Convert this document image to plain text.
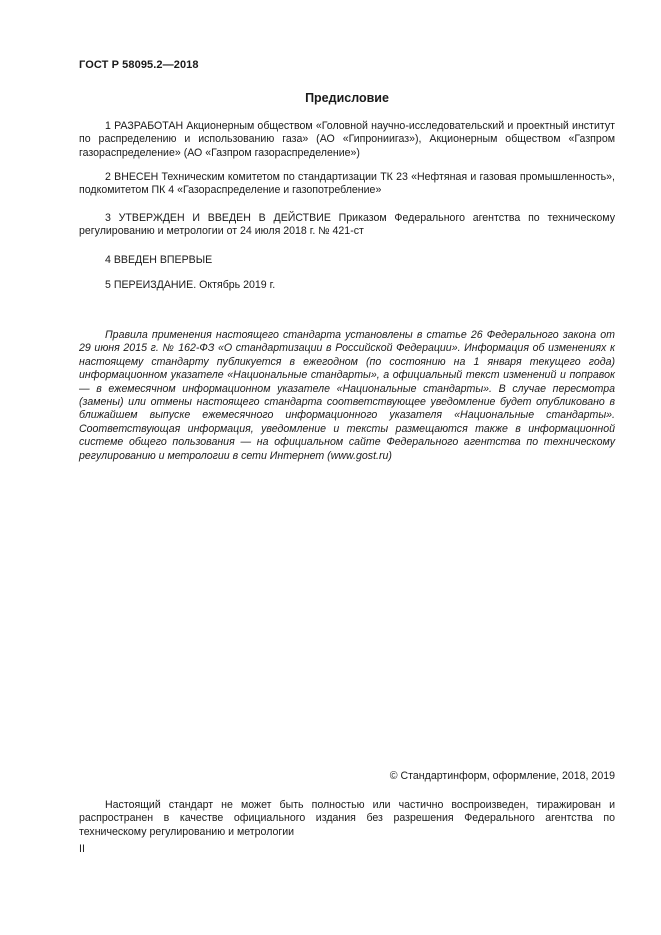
ГОСТ Р 58095.2—2018
Предисловие
1 РАЗРАБОТАН Акционерным обществом «Головной научно-исследовательский и проектный институт по распределению и использованию газа» (АО «Гипрониигаз»), Акционерным обществом «Газпром газораспределение» (АО «Газпром газораспределение»)
2 ВНЕСЕН Техническим комитетом по стандартизации ТК 23 «Нефтяная и газовая промышленность», подкомитетом ПК 4 «Газораспределение и газопотребление»
3 УТВЕРЖДЕН И ВВЕДЕН В ДЕЙСТВИЕ Приказом Федерального агентства по техническому регулированию и метрологии от 24 июля 2018 г. № 421-ст
4 ВВЕДЕН ВПЕРВЫЕ
5 ПЕРЕИЗДАНИЕ. Октябрь 2019 г.
Правила применения настоящего стандарта установлены в статье 26 Федерального закона от 29 июня 2015 г. № 162-ФЗ «О стандартизации в Российской Федерации». Информация об изменениях к настоящему стандарту публикуется в ежегодном (по состоянию на 1 января текущего года) информационном указателе «Национальные стандарты», а официальный текст изменений и поправок — в ежемесячном информационном указателе «Национальные стандарты». В случае пересмотра (замены) или отмены настоящего стандарта соответствующее уведомление будет опубликовано в ближайшем выпуске ежемесячного информационного указателя «Национальные стандарты». Соответствующая информация, уведомление и тексты размещаются также в информационной системе общего пользования — на официальном сайте Федерального агентства по техническому регулированию и метрологии в сети Интернет (www.gost.ru)
© Стандартинформ, оформление, 2018, 2019
Настоящий стандарт не может быть полностью или частично воспроизведен, тиражирован и распространен в качестве официального издания без разрешения Федерального агентства по техническому регулированию и метрологии
II
